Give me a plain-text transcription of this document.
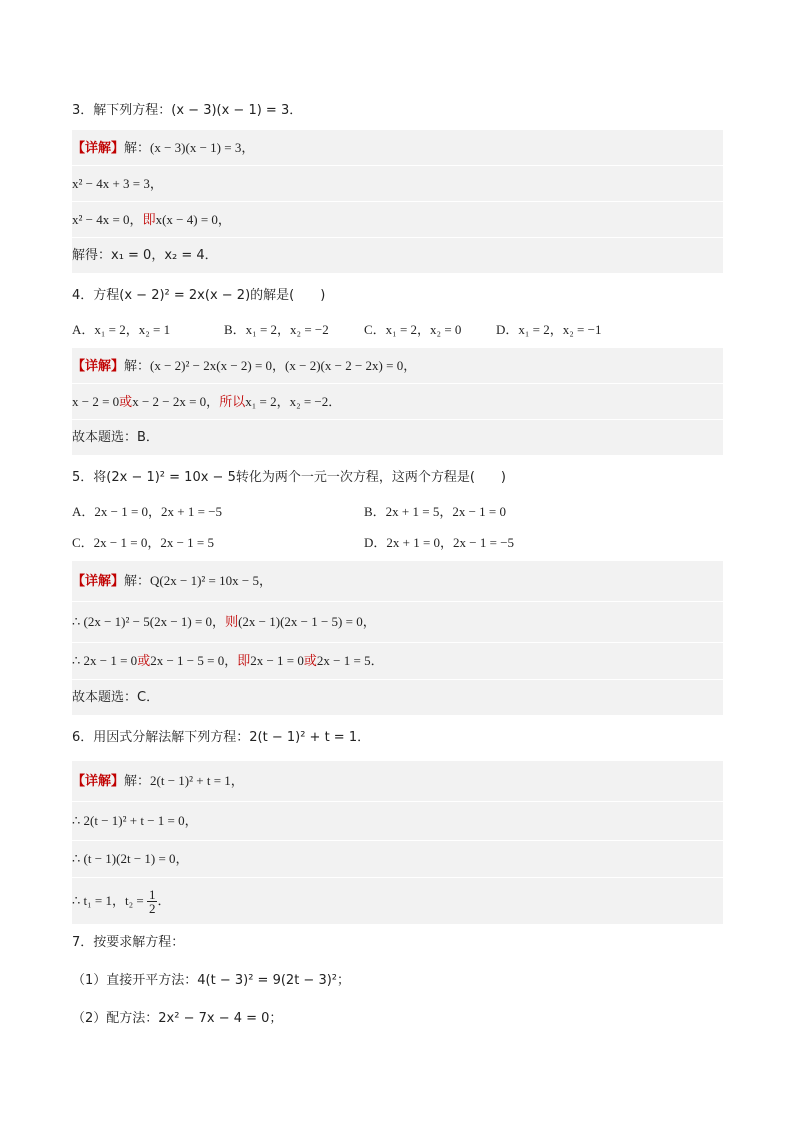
3．解下列方程：(x − 3)(x − 1) = 3．
【详解】解：(x − 3)(x − 1) = 3，
x² − 4x + 3 = 3，
x² − 4x = 0，即x(x − 4) = 0，
解得：x₁ = 0，x₂ = 4．
4．方程(x − 2)² = 2x(x − 2)的解是(　　)
A．x₁ = 2，x₂ = 1	B．x₁ = 2，x₂ = −2	C．x₁ = 2，x₂ = 0	D．x₁ = 2，x₂ = −1
【详解】解：(x − 2)² − 2x(x − 2) = 0，(x − 2)(x − 2 − 2x) = 0，
x − 2 = 0或x − 2 − 2x = 0，所以x₁ = 2，x₂ = −2．
故本题选：B．
5．将(2x − 1)² = 10x − 5转化为两个一元一次方程，这两个方程是(　　)
A．2x − 1 = 0，2x + 1 = −5	B．2x + 1 = 5，2x − 1 = 0
C．2x − 1 = 0，2x − 1 = 5	D．2x + 1 = 0，2x − 1 = −5
【详解】解：Q(2x − 1)² = 10x − 5，
∴ (2x − 1)² − 5(2x − 1) = 0，则(2x − 1)(2x − 1 − 5) = 0，
∴ 2x − 1 = 0或2x − 1 − 5 = 0，即2x − 1 = 0或2x − 1 = 5．
故本题选：C．
6．用因式分解法解下列方程：2(t − 1)² + t = 1．
【详解】解：2(t − 1)² + t = 1，
∴ 2(t − 1)² + t − 1 = 0，
∴ (t − 1)(2t − 1) = 0，
∴ t₁ = 1，$t_2 = \frac{1}{2}$ ．
7．按要求解方程：
（1）直接开平方法：4(t − 3)² = 9(2t − 3)²；
（2）配方法：2x² − 7x − 4 = 0；
